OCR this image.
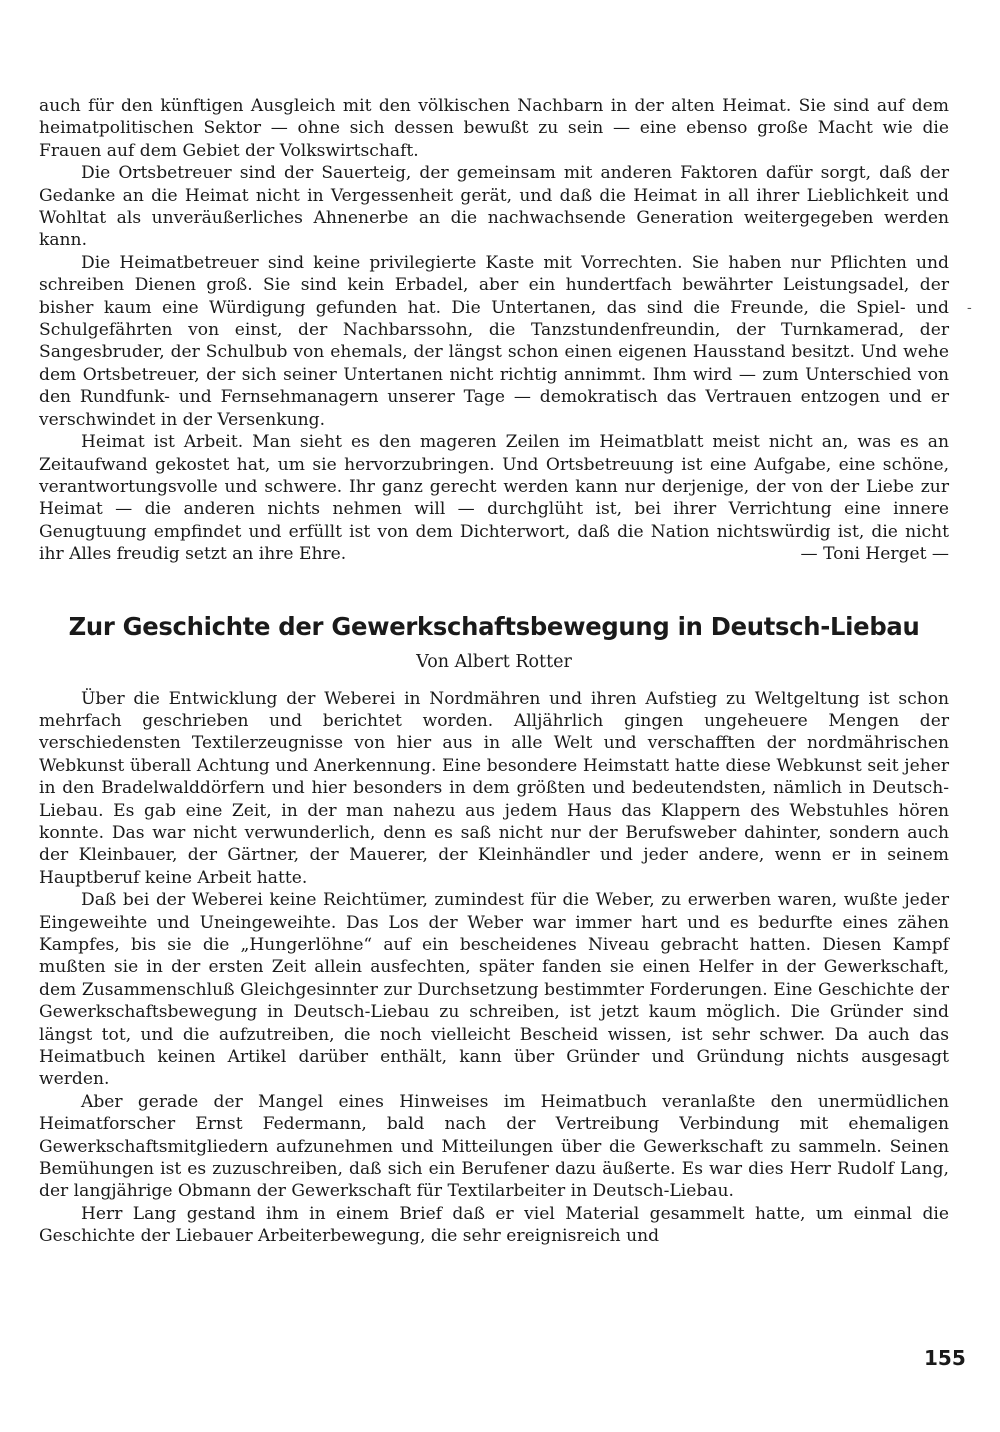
auch für den künftigen Ausgleich mit den völkischen Nachbarn in der alten Heimat. Sie sind auf dem heimatpolitischen Sektor — ohne sich dessen bewußt zu sein — eine ebenso große Macht wie die Frauen auf dem Gebiet der Volkswirtschaft.

Die Ortsbetreuer sind der Sauerteig, der gemeinsam mit anderen Faktoren dafür sorgt, daß der Gedanke an die Heimat nicht in Vergessenheit gerät, und daß die Heimat in all ihrer Lieblichkeit und Wohltat als unveräußerliches Ahnenerbe an die nachwachsende Generation weitergegeben werden kann.

Die Heimatbetreuer sind keine privilegierte Kaste mit Vorrechten. Sie haben nur Pflichten und schreiben Dienen groß. Sie sind kein Erbadel, aber ein hundertfach bewährter Leistungsadel, der bisher kaum eine Würdigung gefunden hat. Die Untertanen, das sind die Freunde, die Spiel- und Schulgefährten von einst, der Nachbarssohn, die Tanzstundenfreundin, der Turnkamerad, der Sangesbruder, der Schulbub von ehemals, der längst schon einen eigenen Hausstand besitzt. Und wehe dem Ortsbetreuer, der sich seiner Untertanen nicht richtig annimmt. Ihm wird — zum Unterschied von den Rundfunk- und Fernsehmanagern unserer Tage — demokratisch das Vertrauen entzogen und er verschwindet in der Versenkung.

Heimat ist Arbeit. Man sieht es den mageren Zeilen im Heimatblatt meist nicht an, was es an Zeitaufwand gekostet hat, um sie hervorzubringen. Und Ortsbetreuung ist eine Aufgabe, eine schöne, verantwortungsvolle und schwere. Ihr ganz gerecht werden kann nur derjenige, der von der Liebe zur Heimat — die anderen nichts nehmen will — durchglüht ist, bei ihrer Verrichtung eine innere Genugtuung empfindet und erfüllt ist von dem Dichterwort, daß die Nation nichtswürdig ist, die nicht ihr Alles freudig setzt an ihre Ehre.	— Toni Herget —

Zur Geschichte der Gewerkschaftsbewegung in Deutsch-Liebau
Von Albert Rotter

Über die Entwicklung der Weberei in Nordmähren und ihren Aufstieg zu Weltgeltung ist schon mehrfach geschrieben und berichtet worden. Alljährlich gingen ungeheuere Mengen der verschiedensten Textilerzeugnisse von hier aus in alle Welt und verschafften der nordmährischen Webkunst überall Achtung und Anerkennung. Eine besondere Heimstatt hatte diese Webkunst seit jeher in den Bradelwalddörfern und hier besonders in dem größten und bedeutendsten, nämlich in Deutsch-Liebau. Es gab eine Zeit, in der man nahezu aus jedem Haus das Klappern des Webstuhles hören konnte. Das war nicht verwunderlich, denn es saß nicht nur der Berufsweber dahinter, sondern auch der Kleinbauer, der Gärtner, der Mauerer, der Kleinhändler und jeder andere, wenn er in seinem Hauptberuf keine Arbeit hatte.

Daß bei der Weberei keine Reichtümer, zumindest für die Weber, zu erwerben waren, wußte jeder Eingeweihte und Uneingeweihte. Das Los der Weber war immer hart und es bedurfte eines zähen Kampfes, bis sie die „Hungerlöhne“ auf ein bescheidenes Niveau gebracht hatten. Diesen Kampf mußten sie in der ersten Zeit allein ausfechten, später fanden sie einen Helfer in der Gewerkschaft, dem Zusammenschluß Gleichgesinnter zur Durchsetzung bestimmter Forderungen. Eine Geschichte der Gewerkschaftsbewegung in Deutsch-Liebau zu schreiben, ist jetzt kaum möglich. Die Gründer sind längst tot, und die aufzutreiben, die noch vielleicht Bescheid wissen, ist sehr schwer. Da auch das Heimatbuch keinen Artikel darüber enthält, kann über Gründer und Gründung nichts ausgesagt werden.

Aber gerade der Mangel eines Hinweises im Heimatbuch veranlaßte den unermüdlichen Heimatforscher Ernst Federmann, bald nach der Vertreibung Verbindung mit ehemaligen Gewerkschaftsmitgliedern aufzunehmen und Mitteilungen über die Gewerkschaft zu sammeln. Seinen Bemühungen ist es zuzuschreiben, daß sich ein Berufener dazu äußerte. Es war dies Herr Rudolf Lang, der langjährige Obmann der Gewerkschaft für Textilarbeiter in Deutsch-Liebau.

Herr Lang gestand ihm in einem Brief daß er viel Material gesammelt hatte, um einmal die Geschichte der Liebauer Arbeiterbewegung, die sehr ereignisreich und

-
155
